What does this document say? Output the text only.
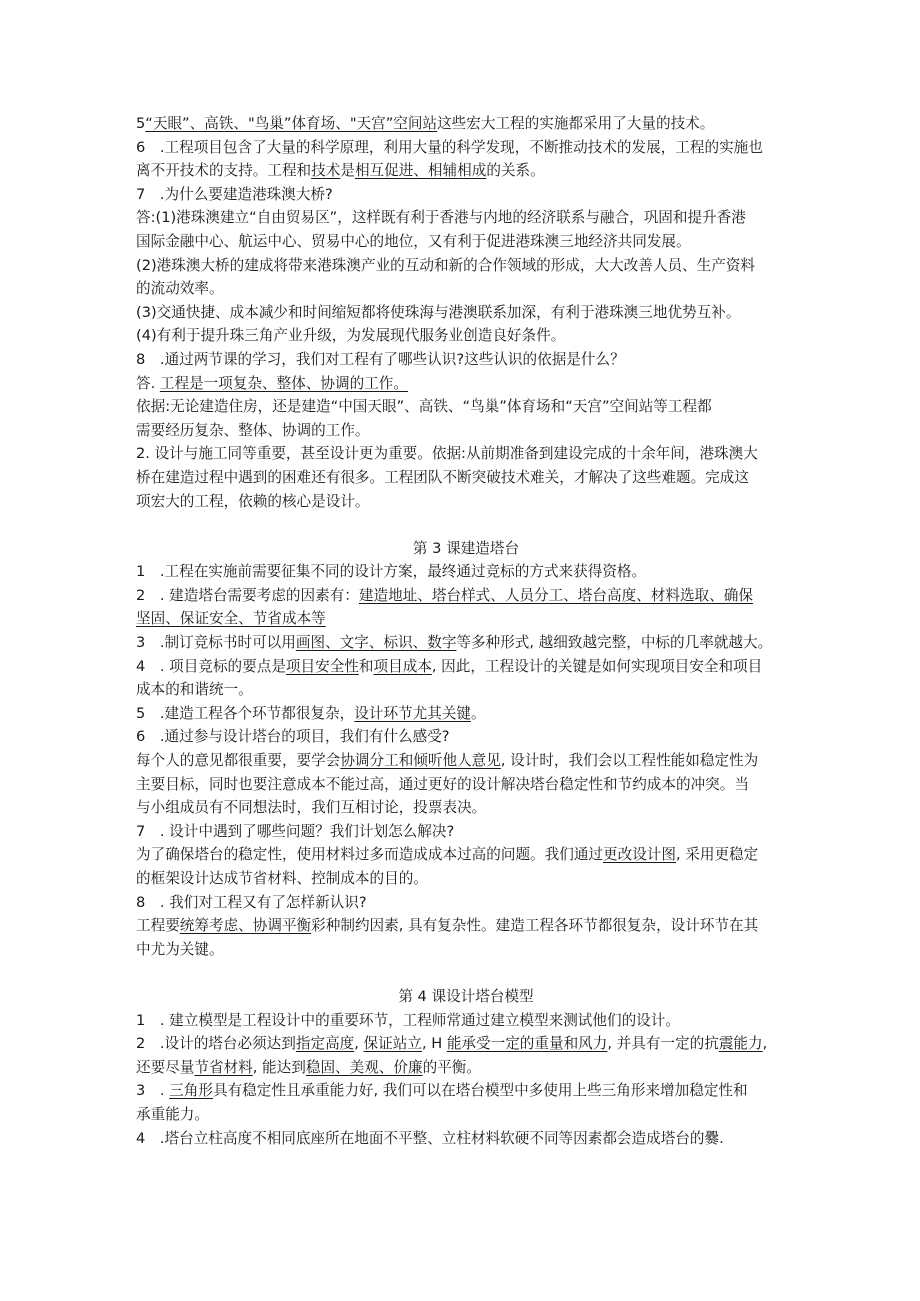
5“天眼”、高铁、"鸟巢”体育场、"天宫”空间站这些宏大工程的实施都采用了大量的技术。
6　.工程项目包含了大量的科学原理，利用大量的科学发现，不断推动技术的发展，工程的实施也
离不开技术的支持。工程和技术是相互促进、相辅相成的关系。
7　.为什么要建造港珠澳大桥?
答:(1)港珠澳建立“自由贸易区”，这样既有利于香港与内地的经济联系与融合，巩固和提升香港
国际金融中心、航运中心、贸易中心的地位，又有利于促进港珠澳三地经济共同发展。
(2)港珠澳大桥的建成将带来港珠澳产业的互动和新的合作领域的形成，大大改善人员、生产资料
的流动效率。
(3)交通快捷、成本减少和时间缩短都将使珠海与港澳联系加深，有利于港珠澳三地优势互补。
(4)有利于提升珠三角产业升级，为发展现代服务业创造良好条件。
8　.通过两节课的学习，我们对工程有了哪些认识?这些认识的依据是什么？
答. 工程是一项复杂、整体、协调的工作。
依据:无论建造住房，还是建造“中国天眼”、高铁、“鸟巢”体育场和“天宫”空间站等工程都
需要经历复杂、整体、协调的工作。
2. 设计与施工同等重要，甚至设计更为重要。依据:从前期准备到建设完成的十余年间，港珠澳大
桥在建造过程中遇到的困难还有很多。工程团队不断突破技术难关，才解决了这些难题。完成这
项宏大的工程，依赖的核心是设计。
第 3 课建造塔台
1　.工程在实施前需要征集不同的设计方案，最终通过竞标的方式来获得资格。
2　. 建造塔台需要考虑的因素有：建造地址、塔台样式、人员分工、塔台高度、材料选取、确保
坚固、保证安全、节省成本等
3　.制订竞标书时可以用画图、文字、标识、数字等多种形式, 越细致越完整，中标的几率就越大。
4　. 项目竞标的要点是项目安全性和项目成本, 因此，工程设计的关键是如何实现项目安全和项目
成本的和谐统一。
5　.建造工程各个环节都很复杂，设计环节尤其关键。
6　.通过参与设计塔台的项目，我们有什么感受?
每个人的意见都很重要，要学会协调分工和倾听他人意见, 设计时，我们会以工程性能如稳定性为
主要目标，同时也要注意成本不能过高，通过更好的设计解决塔台稳定性和节约成本的冲突。当
与小组成员有不同想法时，我们互相讨论，投票表决。
7　. 设计中遇到了哪些问题？我们计划怎么解决?
为了确保塔台的稳定性，使用材料过多而造成成本过高的问题。我们通过更改设计图, 采用更稳定
的框架设计达成节省材料、控制成本的目的。
8　. 我们对工程又有了怎样新认识?
工程要统筹考虑、协调平衡彩种制约因素, 具有复杂性。建造工程各环节都很复杂，设计环节在其
中尤为关键。
第 4 课设计塔台模型
1　. 建立模型是工程设计中的重要环节，工程师常通过建立模型来测试他们的设计。
2　.设计的塔台必须达到指定高度, 保证站立, H 能承受一定的重量和风力, 并具有一定的抗震能力,
还要尽量节省材料, 能达到稳固、美观、价廉的平衡。
3　. 三角形具有稳定性且承重能力好, 我们可以在塔台模型中多使用上些三角形来增加稳定性和
承重能力。
4　.塔台立柱高度不相同底座所在地面不平整、立柱材料软硬不同等因素都会造成塔台的爨.
